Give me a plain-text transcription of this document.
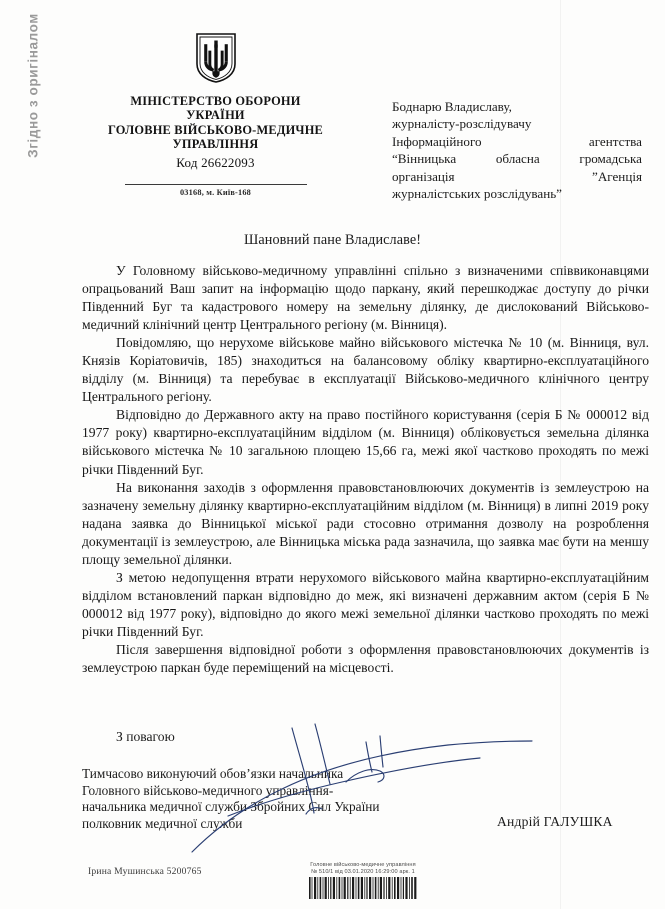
Згідно з оригіналом	МІНІСТЕРСТВО ОБОРОНИ
УКРАЇНИ
ГОЛОВНЕ ВІЙСЬКОВО-МЕДИЧНЕ
УПРАВЛІННЯ
Код 26622093
03168, м. Київ-168
Боднарю Владиславу,
журналісту-розслідувачу
Інформаційного агентства
“Вінницька обласна громадська
організація ”Агенція
журналістських розслідувань”
Шановний пане Владиславе!

У Головному військово-медичному управлінні спільно з визначеними співвиконавцями опрацьований Ваш запит на інформацію щодо паркану, який перешкоджає доступу до річки Південний Буг та кадастрового номеру на земельну ділянку, де дислокований Військово-медичний клінічний центр Центрального регіону (м. Вінниця).

Повідомляю, що нерухоме військове майно військового містечка № 10 (м. Вінниця, вул. Князів Коріатовичів, 185) знаходиться на балансовому обліку квартирно-експлуатаційного відділу (м. Вінниця) та перебуває в експлуатації Військово-медичного клінічного центру Центрального регіону.

Відповідно до Державного акту на право постійного користування (серія Б № 000012 від 1977 року) квартирно-експлуатаційним відділом (м. Вінниця) обліковується земельна ділянка військового містечка № 10 загальною площею 15,66 га, межі якої частково проходять по межі річки Південний Буг.

На виконання заходів з оформлення правовстановлюючих документів із землеустрою на зазначену земельну ділянку квартирно-експлуатаційним відділом (м. Вінниця) в липні 2019 року надана заявка до Вінницької міської ради стосовно отримання дозволу на розроблення документації із землеустрою, але Вінницька міська рада зазначила, що заявка має бути на меншу площу земельної ділянки.

З метою недопущення втрати нерухомого військового майна квартирно-експлуатаційним відділом встановлений паркан відповідно до меж, які визначені державним актом (серія Б № 000012 від 1977 року), відповідно до якого межі земельної ділянки частково проходять по межі річки Південний Буг.

Після завершення відповідної роботи з оформлення правовстановлюючих документів із землеустрою паркан буде переміщений на місцевості.

З повагою
Тимчасово виконуючий обов’язки начальника
Головного військово-медичного управління-
начальника медичної служби Збройних Сил України
полковник медичної служби	Андрій ГАЛУШКА
Ірина Мушинська 5200765
Головне військово-медичне управління
№ 510/1 від 03.01.2020 16:29:00 арк. 1
